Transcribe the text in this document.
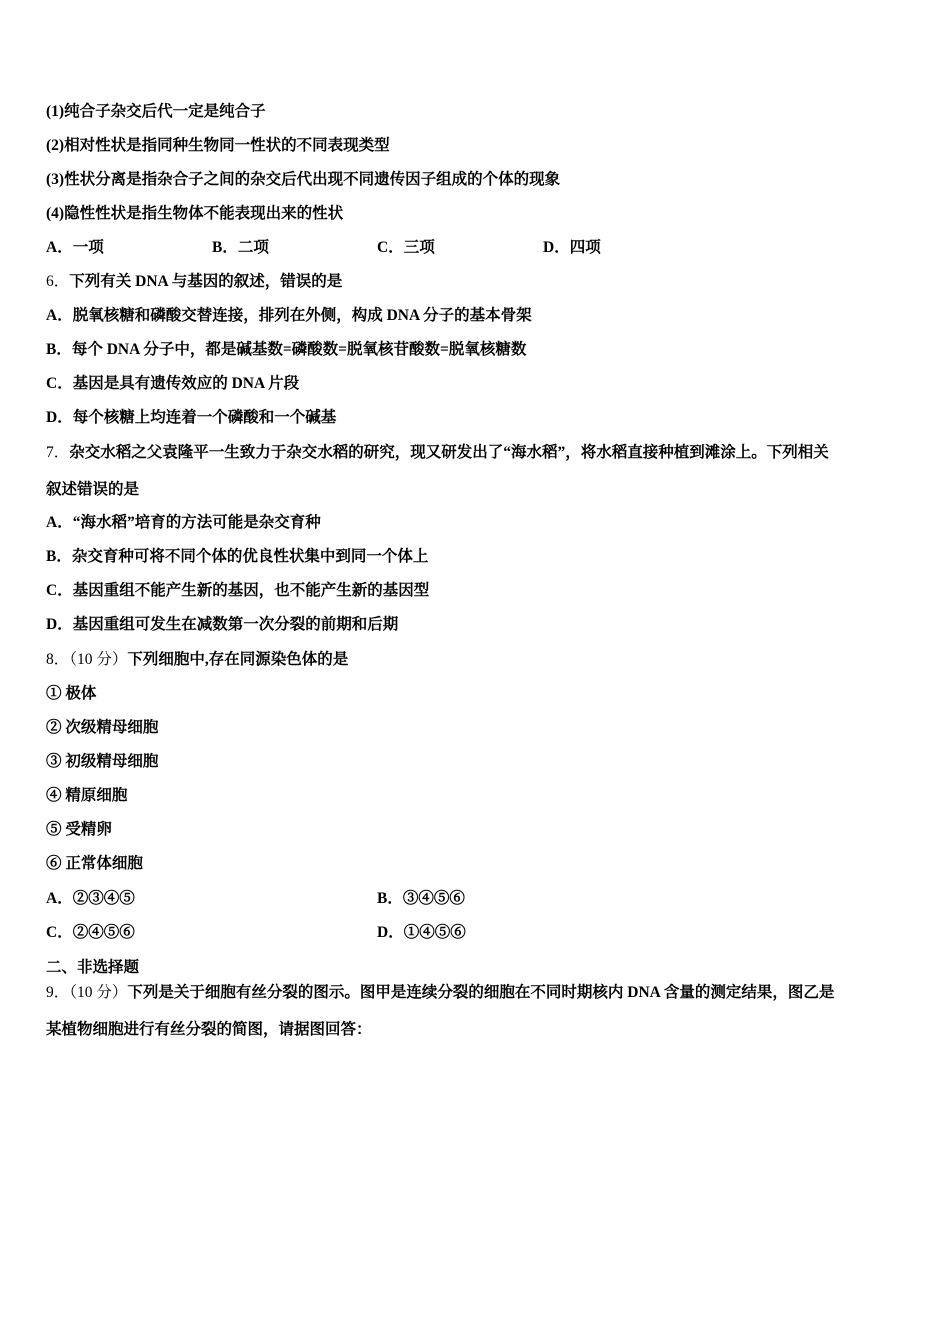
(1)纯合子杂交后代一定是纯合子
(2)相对性状是指同种生物同一性状的不同表现类型
(3)性状分离是指杂合子之间的杂交后代出现不同遗传因子组成的个体的现象
(4)隐性性状是指生物体不能表现出来的性状
A．一项	B．二项	C．三项	D．四项
6．下列有关 DNA 与基因的叙述，错误的是
A．脱氧核糖和磷酸交替连接，排列在外侧，构成 DNA 分子的基本骨架
B．每个 DNA 分子中，都是碱基数=磷酸数=脱氧核苷酸数=脱氧核糖数
C．基因是具有遗传效应的 DNA 片段
D．每个核糖上均连着一个磷酸和一个碱基
7．杂交水稻之父袁隆平一生致力于杂交水稻的研究，现又研发出了“海水稻”，将水稻直接种植到滩涂上。下列相关
叙述错误的是
A．“海水稻”培育的方法可能是杂交育种
B．杂交育种可将不同个体的优良性状集中到同一个体上
C．基因重组不能产生新的基因，也不能产生新的基因型
D．基因重组可发生在减数第一次分裂的前期和后期
8．（10 分）下列细胞中,存在同源染色体的是
① 极体
② 次级精母细胞
③ 初级精母细胞
④ 精原细胞
⑤ 受精卵
⑥ 正常体细胞
A．②③④⑤	B．③④⑤⑥
C．②④⑤⑥	D．①④⑤⑥
二、非选择题
9．（10 分）下列是关于细胞有丝分裂的图示。图甲是连续分裂的细胞在不同时期核内 DNA 含量的测定结果，图乙是
某植物细胞进行有丝分裂的简图，请据图回答：
